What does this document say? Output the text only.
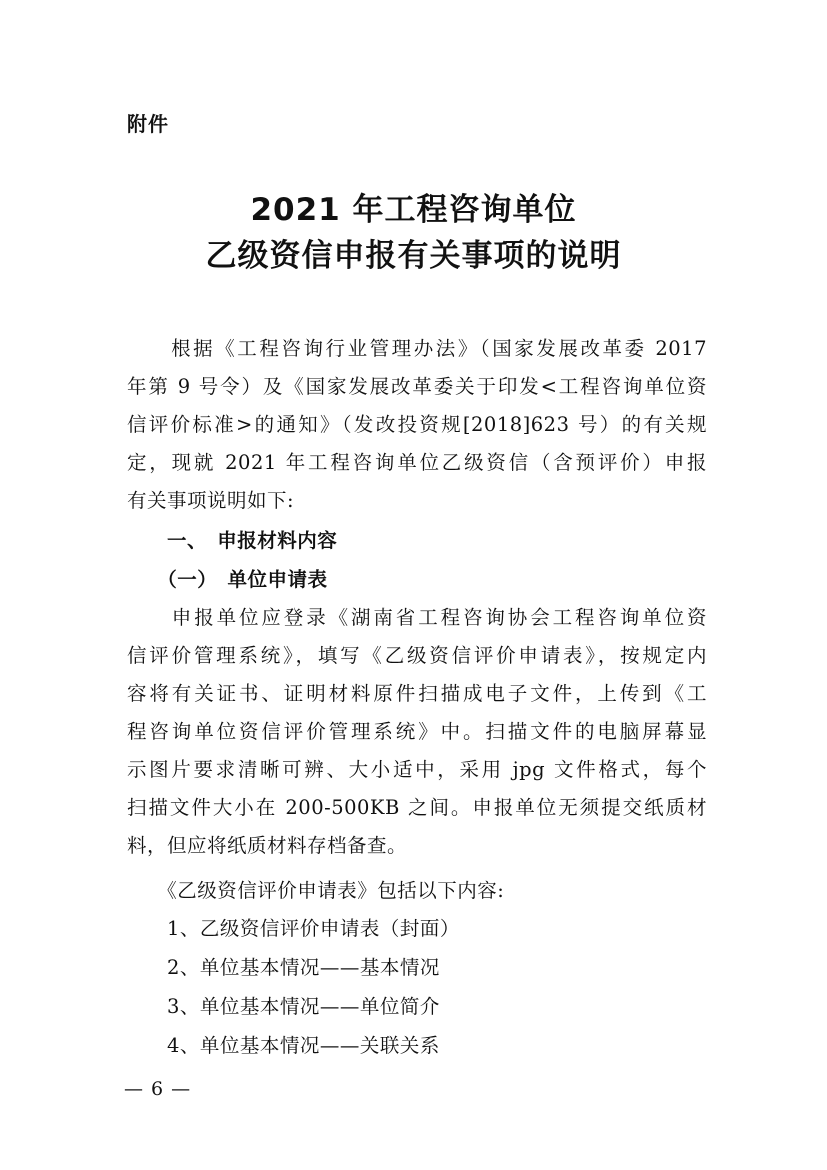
附件
2021 年工程咨询单位
乙级资信申报有关事项的说明
　　根据《工程咨询行业管理办法》（国家发展改革委 2017
年第 9 号令）及《国家发展改革委关于印发<工程咨询单位资
信评价标准>的通知》（发改投资规[2018]623 号）的有关规
定，现就 2021 年工程咨询单位乙级资信（含预评价）申报
有关事项说明如下:
　　一、　申报材料内容
　　（一）　单位申请表
　　申报单位应登录《湖南省工程咨询协会工程咨询单位资
信评价管理系统》，填写《乙级资信评价申请表》，按规定内
容将有关证书、证明材料原件扫描成电子文件，上传到《工
程咨询单位资信评价管理系统》中。扫描文件的电脑屏幕显
示图片要求清晰可辨、大小适中，采用 jpg 文件格式，每个
扫描文件大小在 200-500KB 之间。申报单位无须提交纸质材
料，但应将纸质材料存档备查。
　　《乙级资信评价申请表》包括以下内容:
　　1、乙级资信评价申请表（封面）
　　2、单位基本情况——基本情况
　　3、单位基本情况——单位简介
　　4、单位基本情况——关联关系
— 6 —
